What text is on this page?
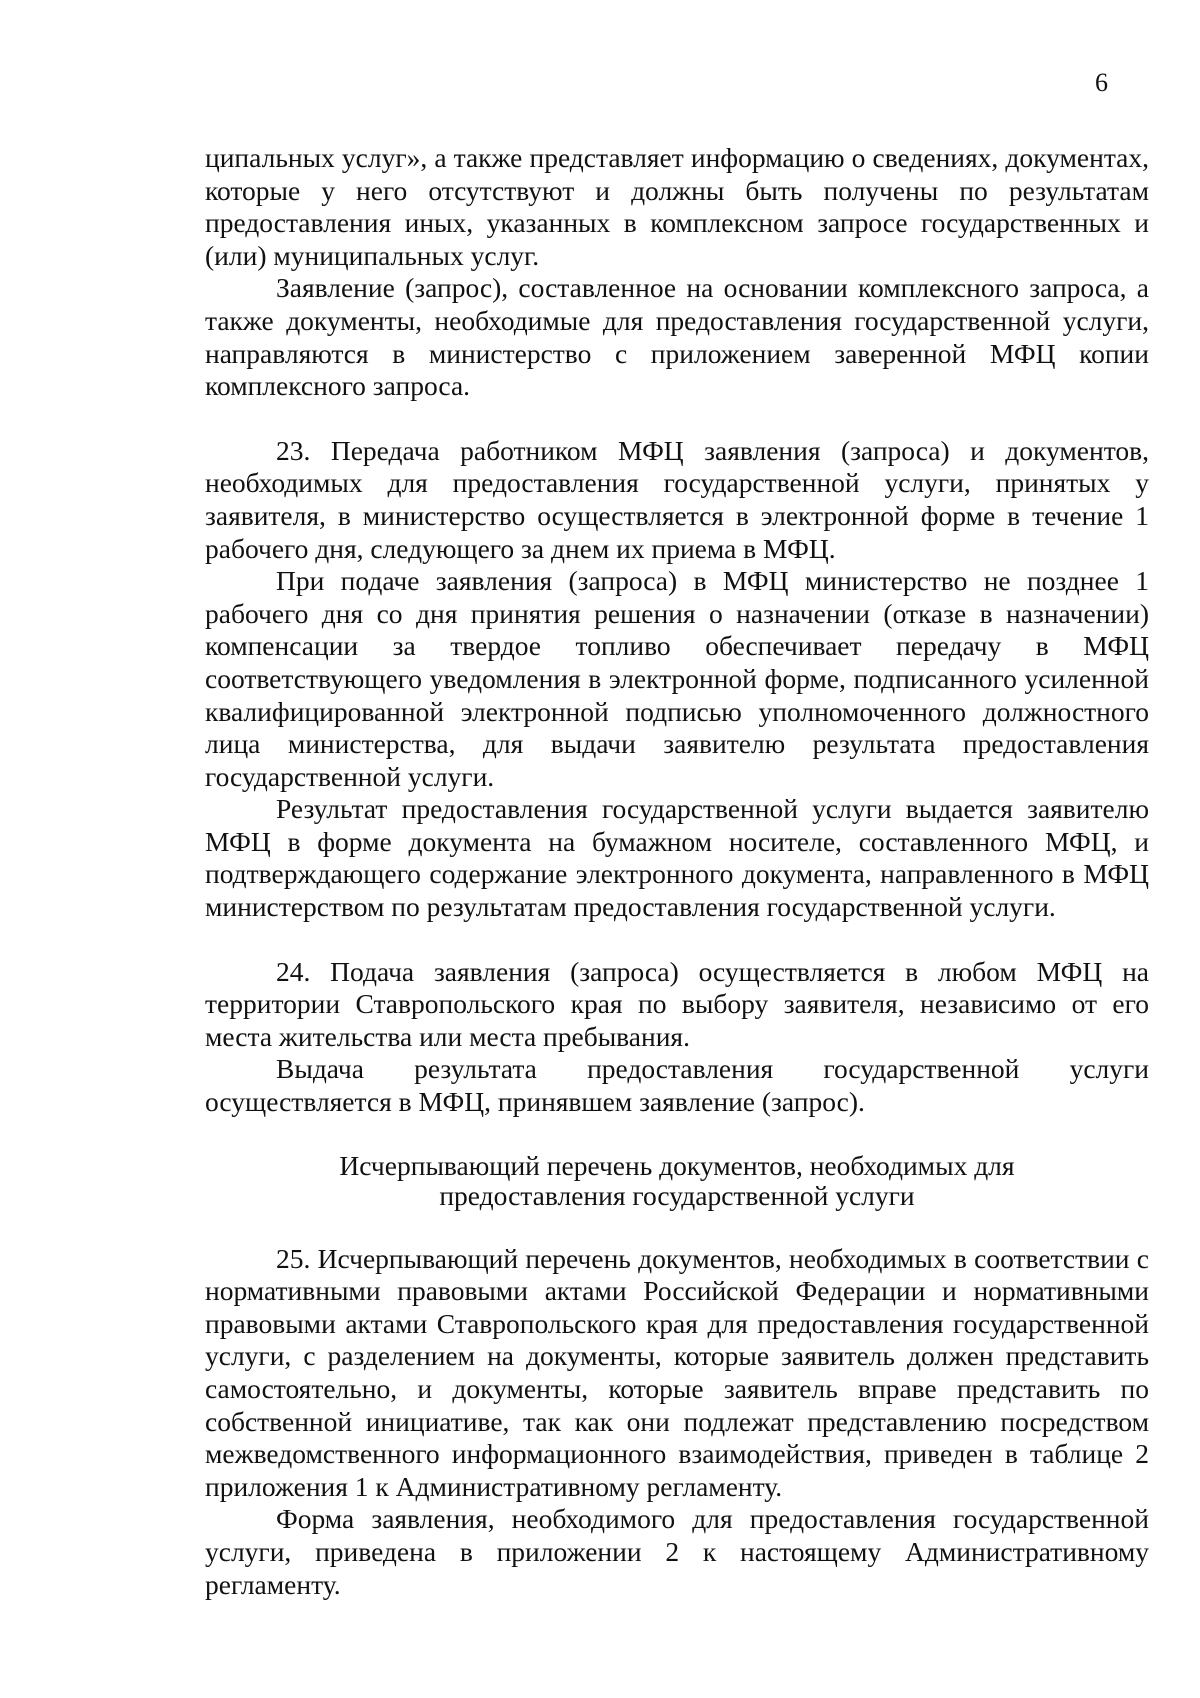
6

ципальных услуг», а также представляет информацию о сведениях, документах, которые у него отсутствуют и должны быть получены по результатам предоставления иных, указанных в комплексном запросе государственных и (или) муниципальных услуг.

Заявление (запрос), составленное на основании комплексного запроса, а также документы, необходимые для предоставления государственной услуги, направляются в министерство с приложением заверенной МФЦ копии комплексного запроса.

23. Передача работником МФЦ заявления (запроса) и документов, необходимых для предоставления государственной услуги, принятых у заявителя, в министерство осуществляется в электронной форме в течение 1 рабочего дня, следующего за днем их приема в МФЦ.

При подаче заявления (запроса) в МФЦ министерство не позднее 1 рабочего дня со дня принятия решения о назначении (отказе в назначении) компенсации за твердое топливо обеспечивает передачу в МФЦ соответствующего уведомления в электронной форме, подписанного усиленной квалифицированной электронной подписью уполномоченного должностного лица министерства, для выдачи заявителю результата предоставления государственной услуги.

Результат предоставления государственной услуги выдается заявителю МФЦ в форме документа на бумажном носителе, составленного МФЦ, и подтверждающего содержание электронного документа, направленного в МФЦ министерством по результатам предоставления государственной услуги.

24. Подача заявления (запроса) осуществляется в любом МФЦ на территории Ставропольского края по выбору заявителя, независимо от его места жительства или места пребывания.

Выдача результата предоставления государственной услуги осуществляется в МФЦ, принявшем заявление (запрос).

Исчерпывающий перечень документов, необходимых для
предоставления государственной услуги

25. Исчерпывающий перечень документов, необходимых в соответствии с нормативными правовыми актами Российской Федерации и нормативными правовыми актами Ставропольского края для предоставления государственной услуги, с разделением на документы, которые заявитель должен представить самостоятельно, и документы, которые заявитель вправе представить по собственной инициативе, так как они подлежат представлению посредством межведомственного информационного взаимодействия, приведен в таблице 2 приложения 1 к Административному регламенту.

Форма заявления, необходимого для предоставления государственной услуги, приведена в приложении 2 к настоящему Административному регламенту.
